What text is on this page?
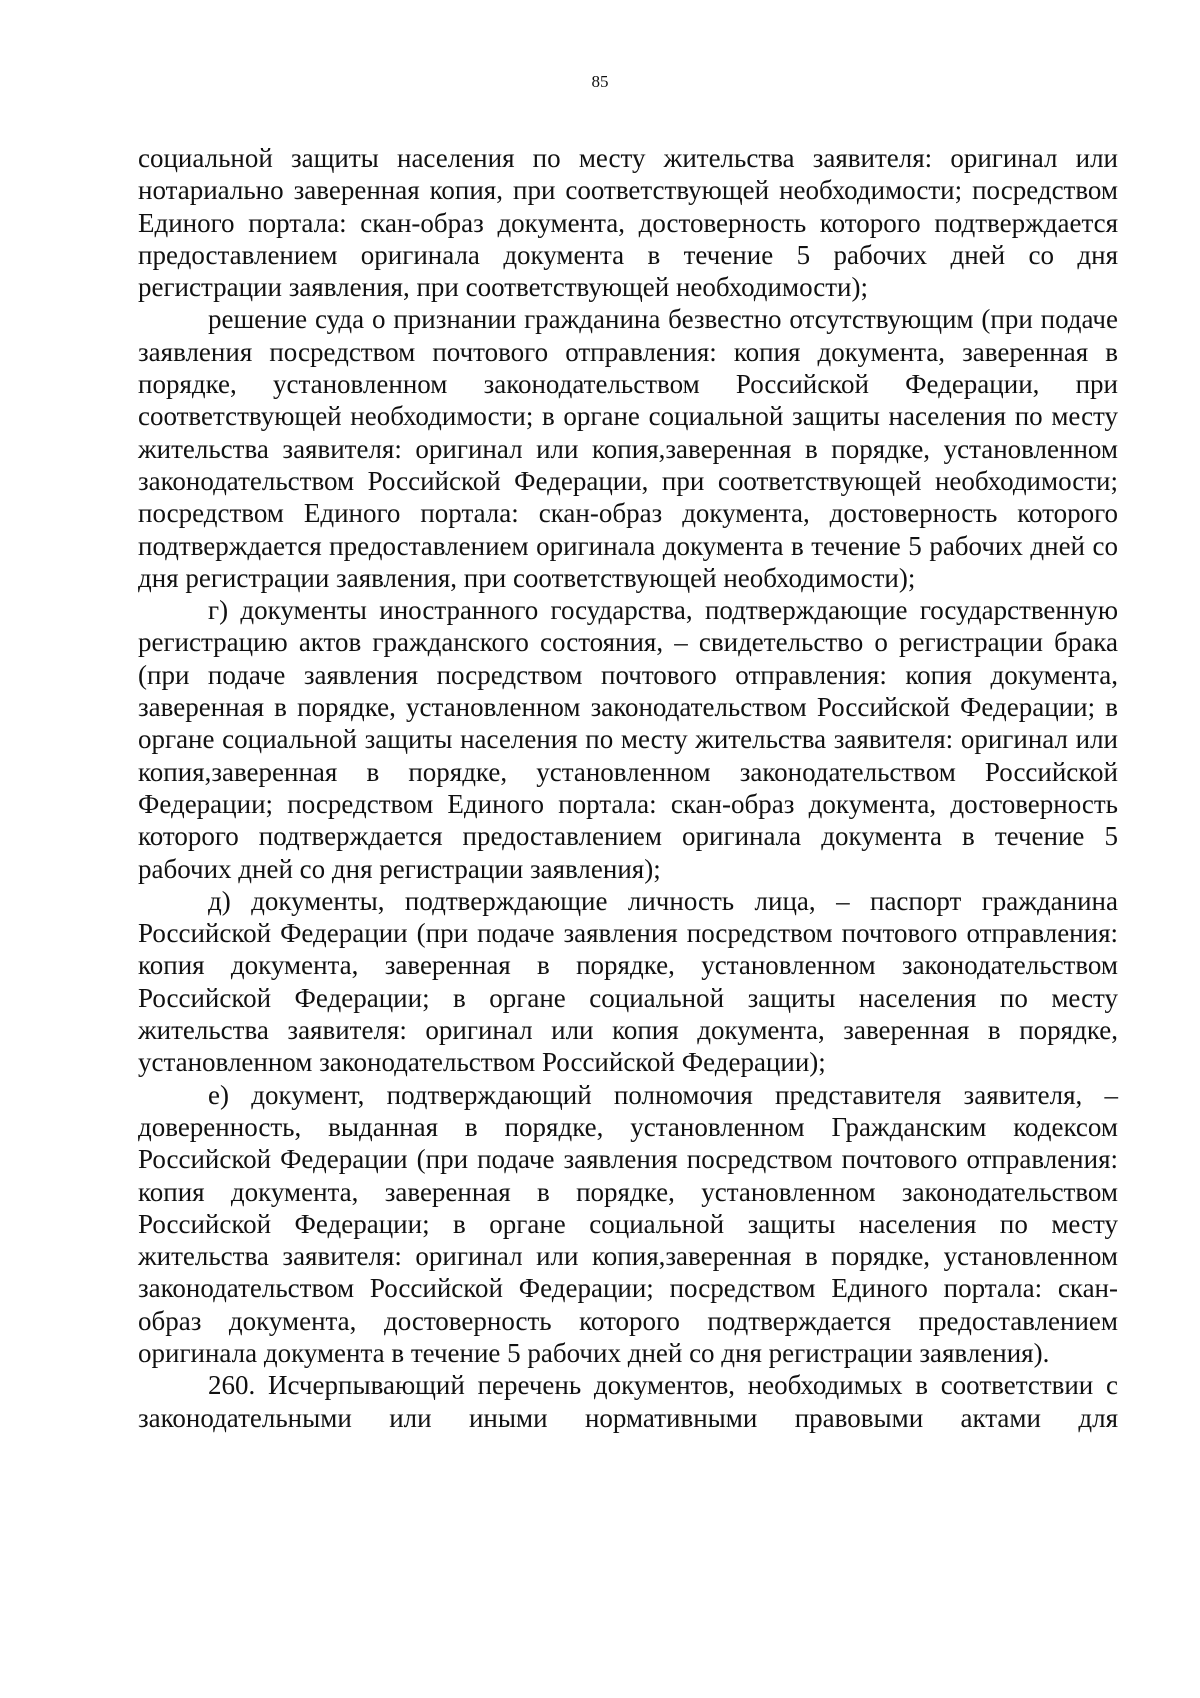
85

социальной защиты населения по месту жительства заявителя: оригинал или нотариально заверенная копия, при соответствующей необходимости; посредством Единого портала: скан-образ документа, достоверность которого подтверждается предоставлением оригинала документа в течение 5 рабочих дней со дня регистрации заявления, при соответствующей необходимости);

решение суда о признании гражданина безвестно отсутствующим (при подаче заявления посредством почтового отправления: копия документа, заверенная в порядке, установленном законодательством Российской Федерации, при соответствующей необходимости; в органе социальной защиты населения по месту жительства заявителя: оригинал или копия,заверенная в порядке, установленном законодательством Российской Федерации, при соответствующей необходимости; посредством Единого портала: скан-образ документа, достоверность которого подтверждается предоставлением оригинала документа в течение 5 рабочих дней со дня регистрации заявления, при соответствующей необходимости);

г) документы иностранного государства, подтверждающие государственную регистрацию актов гражданского состояния, – свидетельство о регистрации брака (при подаче заявления посредством почтового отправления: копия документа, заверенная в порядке, установленном законодательством Российской Федерации; в органе социальной защиты населения по месту жительства заявителя: оригинал или копия,заверенная в порядке, установленном законодательством Российской Федерации; посредством Единого портала: скан-образ документа, достоверность которого подтверждается предоставлением оригинала документа в течение 5 рабочих дней со дня регистрации заявления);

д) документы, подтверждающие личность лица, – паспорт гражданина Российской Федерации (при подаче заявления посредством почтового отправления: копия документа, заверенная в порядке, установленном законодательством Российской Федерации; в органе социальной защиты населения по месту жительства заявителя: оригинал или копия документа, заверенная в порядке, установленном законодательством Российской Федерации);

е) документ, подтверждающий полномочия представителя заявителя, – доверенность, выданная в порядке, установленном Гражданским кодексом Российской Федерации (при подаче заявления посредством почтового отправления: копия документа, заверенная в порядке, установленном законодательством Российской Федерации; в органе социальной защиты населения по месту жительства заявителя: оригинал или копия,заверенная в порядке, установленном законодательством Российской Федерации; посредством Единого портала: скан-образ документа, достоверность которого подтверждается предоставлением оригинала документа в течение 5 рабочих дней со дня регистрации заявления).

260. Исчерпывающий перечень документов, необходимых в соответствии с законодательными или иными нормативными правовыми актами для
